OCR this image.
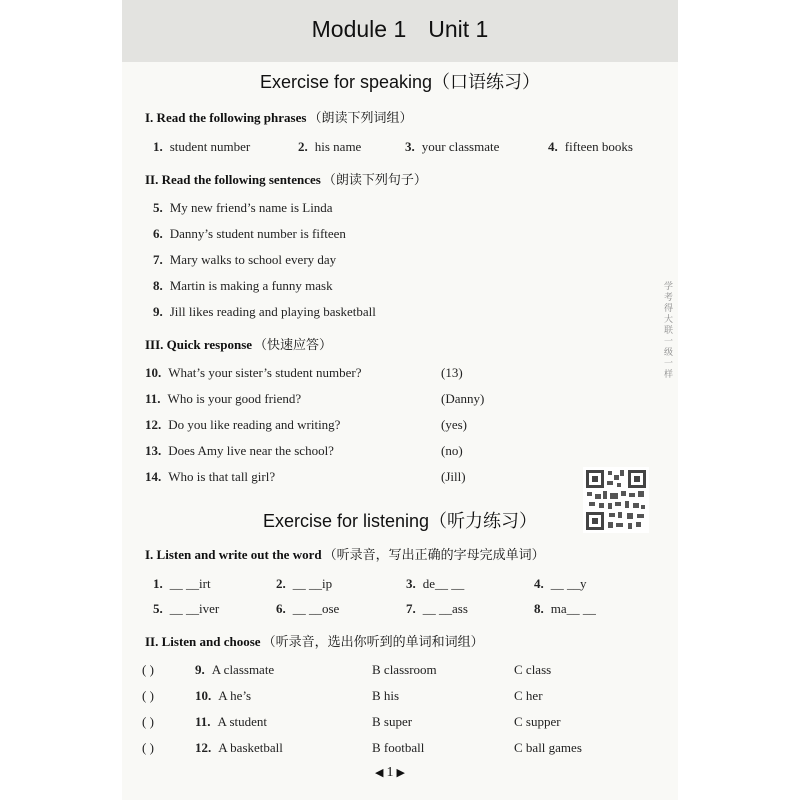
Module 1 Unit 1
Exercise for speaking（口语练习）
I. Read the following phrases （朗读下列词组）
1. student number	2. his name	3. your classmate	4. fifteen books
II. Read the following sentences （朗读下列句子）
5. My new friend’s name is Linda
6. Danny’s student number is fifteen
7. Mary walks to school every day
8. Martin is making a funny mask
9. Jill likes reading and playing basketball
III. Quick response （快速应答）
10. What’s your sister’s student number?	(13)
11. Who is your good friend?	(Danny)
12. Do you like reading and writing?	(yes)
13. Does Amy live near the school?	(no)
14. Who is that tall girl?	(Jill)
Exercise for listening（听力练习）
I. Listen and write out the word （听录音，写出正确的字母完成单词）
1. __ __irt	2. __ __ip	3. de__ __	4. __ __y
5. __ __iver	6. __ __ose	7. __ __ass	8. ma__ __
II. Listen and choose （听录音，选出你听到的单词和词组）
( )	9. A classmate	B classroom	C class
( )	10. A he’s	B his	C her
( )	11. A student	B super	C supper
( )	12. A basketball	B football	C ball games
学考得大联一级一样
◀ 1 ▶
